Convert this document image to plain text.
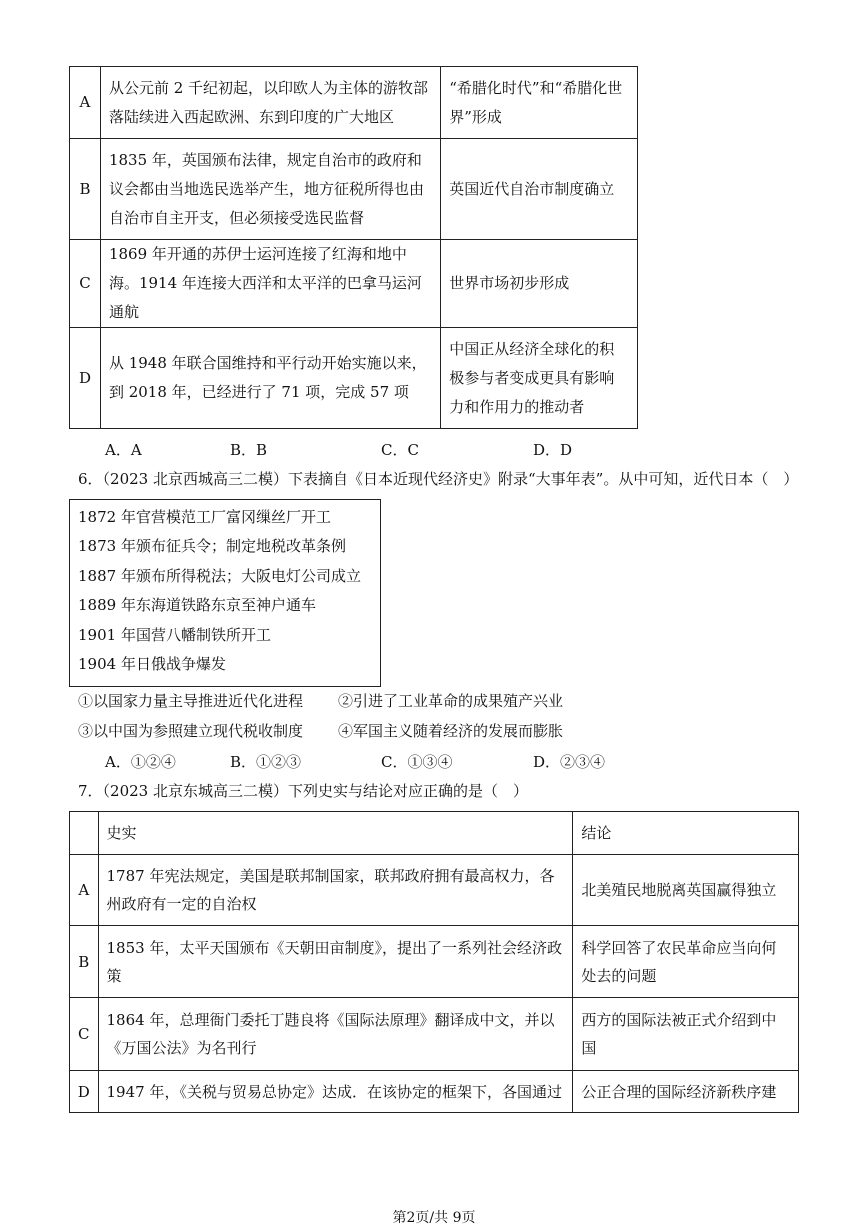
A	从公元前 2 千纪初起，以印欧人为主体的游牧部落陆续进入西起欧洲、东到印度的广大地区	“希腊化时代”和“希腊化世界”形成
B	1835 年，英国颁布法律，规定自治市的政府和议会都由当地选民选举产生，地方征税所得也由自治市自主开支，但必须接受选民监督	英国近代自治市制度确立
C	1869 年开通的苏伊士运河连接了红海和地中海。1914 年连接大西洋和太平洋的巴拿马运河通航	世界市场初步形成
D	从 1948 年联合国维持和平行动开始实施以来，到 2018 年，已经进行了 71 项，完成 57 项	中国正从经济全球化的积极参与者变成更具有影响力和作用力的推动者
A．A	B．B	C．C	D．D
6．（2023 北京西城高三二模）下表摘自《日本近现代经济史》附录“大事年表”。从中可知，近代日本（　）
1872 年官营模范工厂富冈缫丝厂开工
1873 年颁布征兵令；制定地税改革条例
1887 年颁布所得税法；大阪电灯公司成立
1889 年东海道铁路东京至神户通车
1901 年国营八幡制铁所开工
1904 年日俄战争爆发
①以国家力量主导推进近代化进程 ②引进了工业革命的成果殖产兴业
③以中国为参照建立现代税收制度 ④军国主义随着经济的发展而膨胀
A．①②④	B．①②③	C．①③④	D．②③④
7．（2023 北京东城高三二模）下列史实与结论对应正确的是（　）
	史实	结论
A	1787 年宪法规定，美国是联邦制国家，联邦政府拥有最高权力，各州政府有一定的自治权	北美殖民地脱离英国赢得独立
B	1853 年，太平天国颁布《天朝田亩制度》，提出了一系列社会经济政策	科学回答了农民革命应当向何处去的问题
C	1864 年，总理衙门委托丁韪良将《国际法原理》翻译成中文，并以《万国公法》为名刊行	西方的国际法被正式介绍到中国
D	1947 年，《关税与贸易总协定》达成．在该协定的框架下，各国通过	公正合理的国际经济新秩序建
第2页/共 9页
